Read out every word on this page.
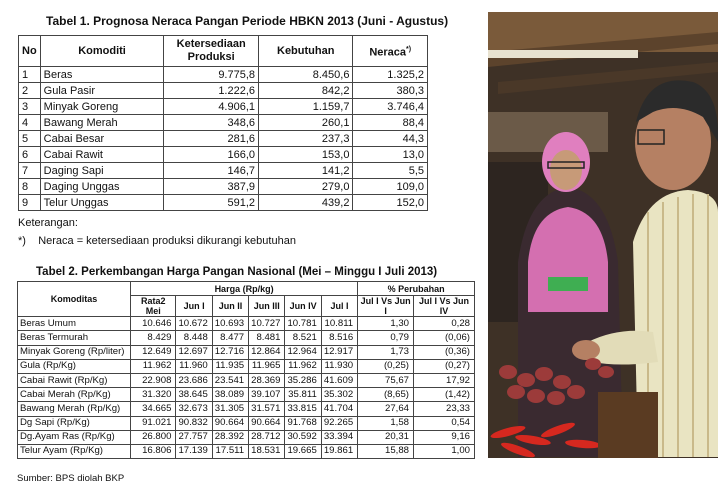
Tabel 1. Prognosa Neraca Pangan Periode HBKN 2013 (Juni - Agustus)
No	Komoditi	Ketersediaan Produksi	Kebutuhan	Neraca*)
1	Beras	9.775,8	8.450,6	1.325,2
2	Gula Pasir	1.222,6	842,2	380,3
3	Minyak Goreng	4.906,1	1.159,7	3.746,4
4	Bawang Merah	348,6	260,1	88,4
5	Cabai Besar	281,6	237,3	44,3
6	Cabai Rawit	166,0	153,0	13,0
7	Daging Sapi	146,7	141,2	5,5
8	Daging Unggas	387,9	279,0	109,0
9	Telur Unggas	591,2	439,2	152,0
Keterangan:
*) Neraca = ketersediaan produksi dikurangi kebutuhan
Tabel 2. Perkembangan Harga Pangan Nasional (Mei – Minggu I Juli 2013)
Komoditas	Harga (Rp/kg)						% Perubahan	
	Rata2 Mei	Jun I	Jun II	Jun III	Jun IV	Jul I	Jul I Vs Jun I	Jul I Vs Jun IV
Beras Umum	10.646	10.672	10.693	10.727	10.781	10.811	1,30	0,28
Beras Termurah	8.429	8.448	8.477	8.481	8.521	8.516	0,79	(0,06)
Minyak Goreng (Rp/liter)	12.649	12.697	12.716	12.864	12.964	12.917	1,73	(0,36)
Gula (Rp/Kg)	11.962	11.960	11.935	11.965	11.962	11.930	(0,25)	(0,27)
Cabai Rawit (Rp/Kg)	22.908	23.686	23.541	28.369	35.286	41.609	75,67	17,92
Cabai Merah (Rp/Kg)	31.320	38.645	38.089	39.107	35.811	35.302	(8,65)	(1,42)
Bawang Merah (Rp/Kg)	34.665	32.673	31.305	31.571	33.815	41.704	27,64	23,33
Dg Sapi (Rp/Kg)	91.021	90.832	90.664	90.664	91.768	92.265	1,58	0,54
Dg.Ayam Ras (Rp/Kg)	26.800	27.757	28.392	28.712	30.592	33.394	20,31	9,16
Telur Ayam (Rp/Kg)	16.806	17.139	17.511	18.531	19.665	19.861	15,88	1,00
Sumber: BPS diolah BKP
